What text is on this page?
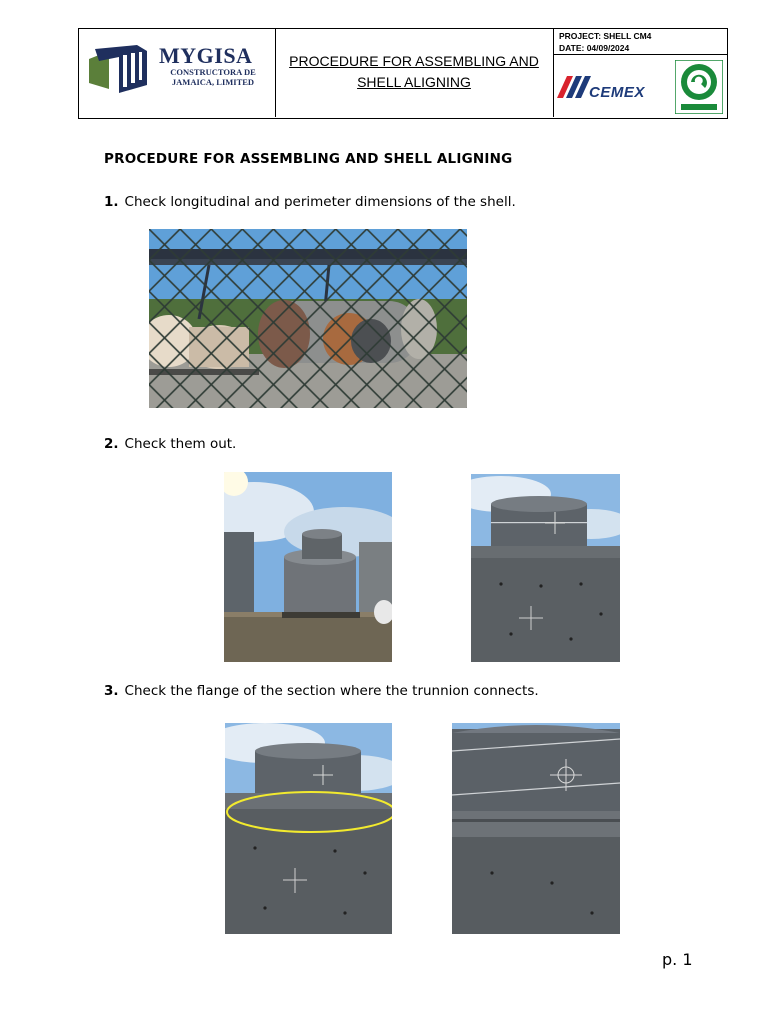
MYGISA
CONSTRUCTORA DE
JAMAICA, LIMITED
PROCEDURE FOR ASSEMBLING AND
SHELL ALIGNING
PROJECT: SHELL CM4
DATE: 04/09/2024
CEMEX
PROCEDURE FOR ASSEMBLING AND SHELL ALIGNING
1. Check longitudinal and perimeter dimensions of the shell.
2. Check them out.
3. Check the flange of the section where the trunnion connects.
p. 1
